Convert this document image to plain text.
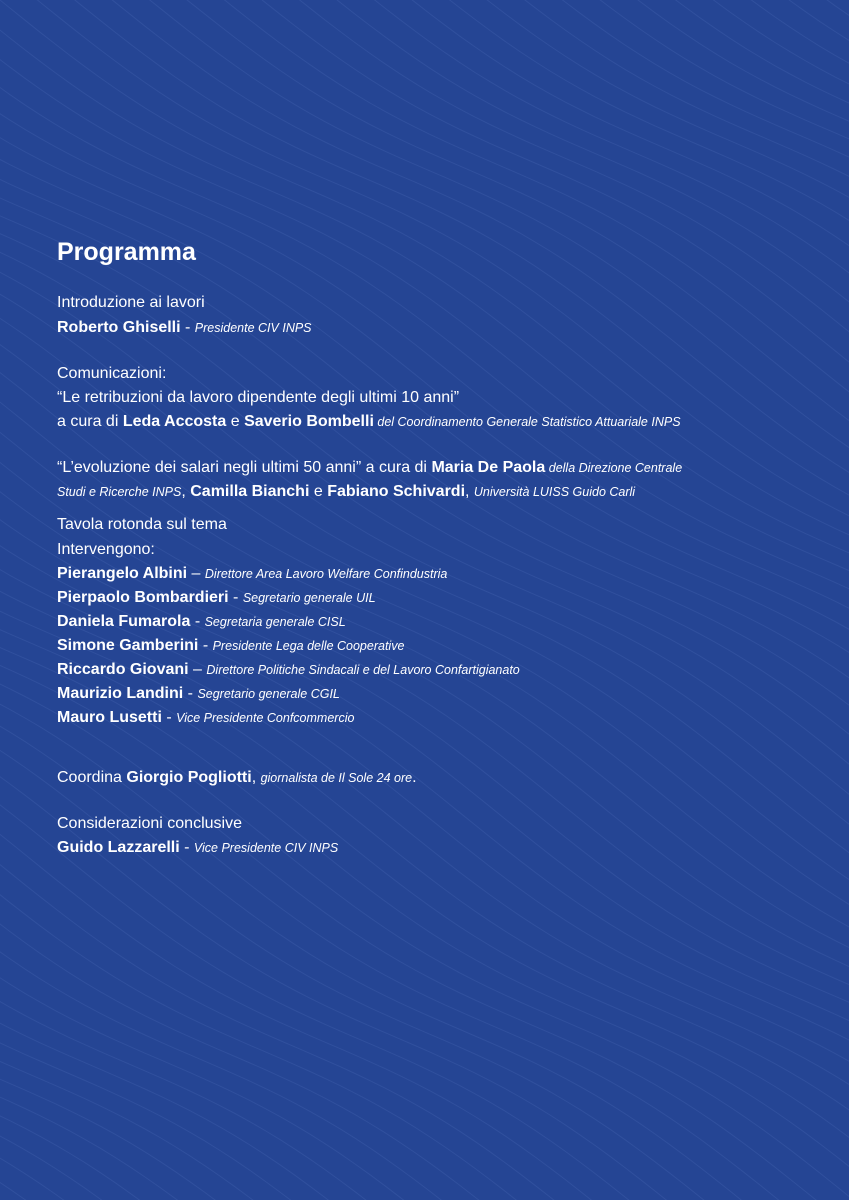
Programma
Introduzione ai lavori
Roberto Ghiselli - Presidente CIV INPS
Comunicazioni:
“Le retribuzioni da lavoro dipendente degli ultimi 10 anni”
a cura di Leda Accosta e Saverio Bombelli del Coordinamento Generale Statistico Attuariale INPS
“L’evoluzione dei salari negli ultimi 50 anni” a cura di Maria De Paola della Direzione Centrale
Studi e Ricerche INPS, Camilla Bianchi e Fabiano Schivardi, Università LUISS Guido Carli
Tavola rotonda sul tema
Intervengono:
Pierangelo Albini – Direttore Area Lavoro Welfare Confindustria
Pierpaolo Bombardieri - Segretario generale UIL
Daniela Fumarola - Segretaria generale CISL
Simone Gamberini - Presidente Lega delle Cooperative
Riccardo Giovani – Direttore Politiche Sindacali e del Lavoro Confartigianato
Maurizio Landini - Segretario generale CGIL
Mauro Lusetti - Vice Presidente Confcommercio
Coordina Giorgio Pogliotti, giornalista de Il Sole 24 ore.
Considerazioni conclusive
Guido Lazzarelli - Vice Presidente CIV INPS
